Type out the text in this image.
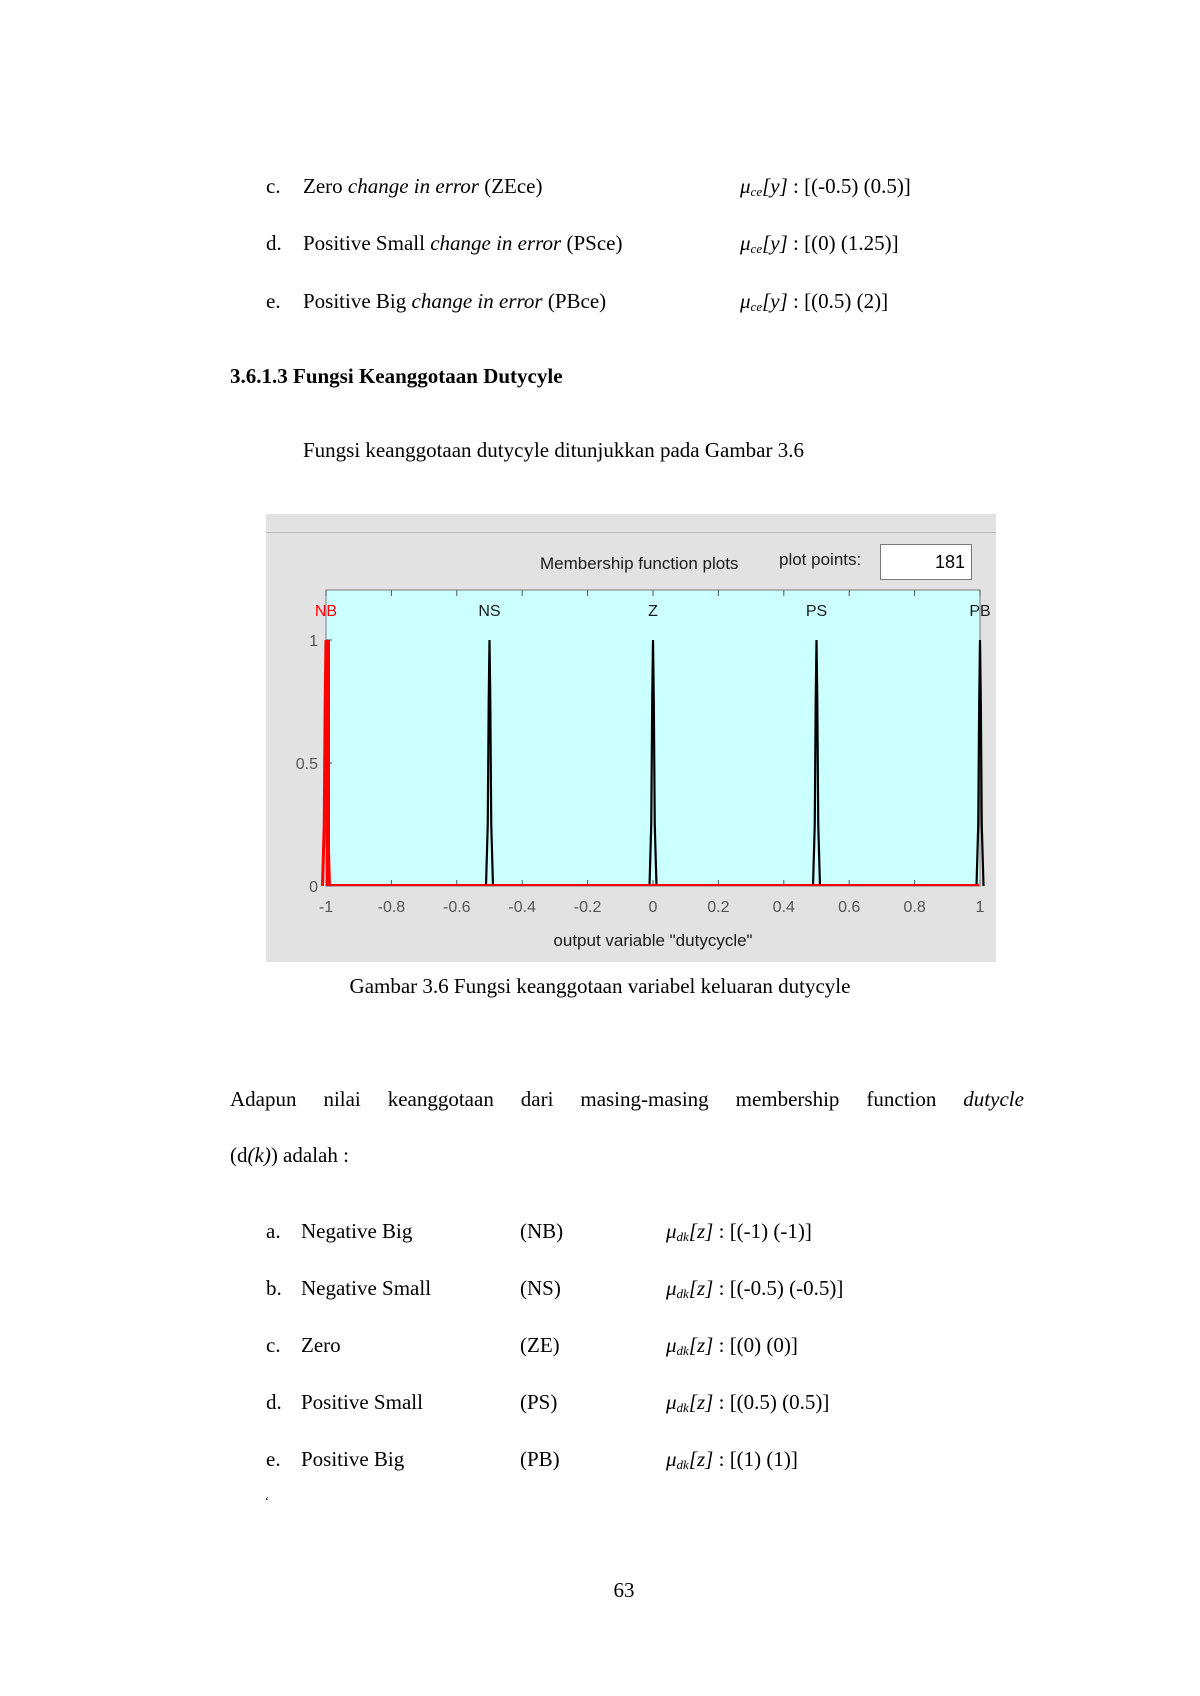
c. Zero change in error (ZEce)	$\mu_{ce}[y]$ : [(-0.5) (0.5)]
d. Positive Small change in error (PSce)	$\mu_{ce}[y]$ : [(0) (1.25)]
e. Positive Big change in error (PBce)	$\mu_{ce}[y]$ : [(0.5) (2)]
3.6.1.3 Fungsi Keanggotaan Dutycyle
Fungsi keanggotaan dutycyle ditunjukkan pada Gambar 3.6
Membership function plots plot points:	181
-1	-0.8 -0.6 -0.4 -0.2	0	0.2	0.4	0.6	0.8	1
0
0.5
1
output variable "dutycycle"
NB	NS	Z	PS	PB
Gambar 3.6 Fungsi keanggotaan variabel keluaran dutycyle
Adapun nilai keanggotaan dari masing-masing membership function dutycle
(d(k)) adalah :
a. Negative Big	(NB)	$\mu_{dk}[z]$ : [(-1) (-1)]
b. Negative Small	(NS)	$\mu_{dk}[z]$ : [(-0.5) (-0.5)]
c. Zero	(ZE)	$\mu_{dk}[z]$ : [(0) (0)]
d. Positive Small	(PS)	$\mu_{dk}[z]$ : [(0.5) (0.5)]
e. Positive Big	(PB)	$\mu_{dk}[z]$ : [(1) (1)]
‘
63
